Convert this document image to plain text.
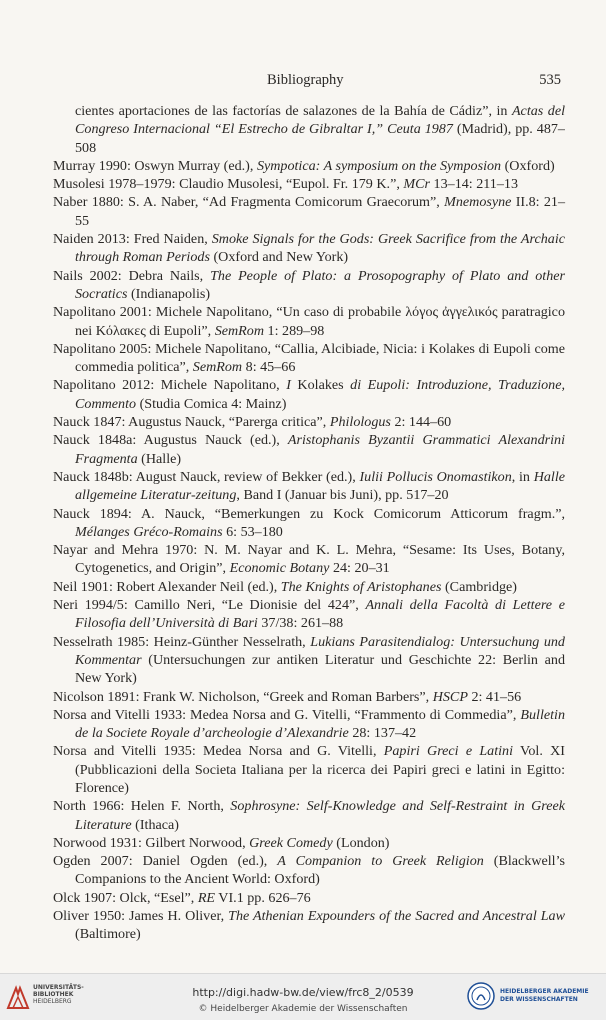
Bibliography	535

cientes aportaciones de las factorías de salazones de la Bahía de Cádiz”, in Actas del Congreso Internacional “El Estrecho de Gibraltar I,” Ceuta 1987 (Madrid), pp. 487–508

Murray 1990: Oswyn Murray (ed.), Sympotica: A symposium on the Symposion (Oxford)

Musolesi 1978–1979: Claudio Musolesi, “Eupol. Fr. 179 K.”, MCr 13–14: 211–13

Naber 1880: S. A. Naber, “Ad Fragmenta Comicorum Graecorum”, Mnemosyne II.8: 21–55

Naiden 2013: Fred Naiden, Smoke Signals for the Gods: Greek Sacrifice from the Archaic through Roman Periods (Oxford and New York)

Nails 2002: Debra Nails, The People of Plato: a Prosopography of Plato and other Socratics (Indianapolis)

Napolitano 2001: Michele Napolitano, “Un caso di probabile λόγος ἀγγελικός paratragico nei Κόλακες di Eupoli”, SemRom 1: 289–98

Napolitano 2005: Michele Napolitano, “Callia, Alcibiade, Nicia: i Kolakes di Eupoli come commedia politica”, SemRom 8: 45–66

Napolitano 2012: Michele Napolitano, I Kolakes di Eupoli: Introduzione, Traduzione, Commento (Studia Comica 4: Mainz)

Nauck 1847: Augustus Nauck, “Parerga critica”, Philologus 2: 144–60

Nauck 1848a: Augustus Nauck (ed.), Aristophanis Byzantii Grammatici Alexandrini Fragmenta (Halle)

Nauck 1848b: August Nauck, review of Bekker (ed.), Iulii Pollucis Onomastikon, in Halle allgemeine Literatur-zeitung, Band I (Januar bis Juni), pp. 517–20

Nauck 1894: A. Nauck, “Bemerkungen zu Kock Comicorum Atticorum fragm.”, Mélanges Gréco-Romains 6: 53–180

Nayar and Mehra 1970: N. M. Nayar and K. L. Mehra, “Sesame: Its Uses, Botany, Cytogenetics, and Origin”, Economic Botany 24: 20–31

Neil 1901: Robert Alexander Neil (ed.), The Knights of Aristophanes (Cambridge)

Neri 1994/5: Camillo Neri, “Le Dionisie del 424”, Annali della Facoltà di Lettere e Filosofia dell’Università di Bari 37/38: 261–88

Nesselrath 1985: Heinz-Günther Nesselrath, Lukians Parasitendialog: Untersuchung und Kommentar (Untersuchungen zur antiken Literatur und Geschichte 22: Berlin and New York)

Nicolson 1891: Frank W. Nicholson, “Greek and Roman Barbers”, HSCP 2: 41–56

Norsa and Vitelli 1933: Medea Norsa and G. Vitelli, “Frammento di Commedia”, Bulletin de la Societe Royale d’archeologie d’Alexandrie 28: 137–42

Norsa and Vitelli 1935: Medea Norsa and G. Vitelli, Papiri Greci e Latini Vol. XI (Pubblicazioni della Societa Italiana per la ricerca dei Papiri greci e latini in Egitto: Florence)

North 1966: Helen F. North, Sophrosyne: Self-Knowledge and Self-Restraint in Greek Literature (Ithaca)

Norwood 1931: Gilbert Norwood, Greek Comedy (London)

Ogden 2007: Daniel Ogden (ed.), A Companion to Greek Religion (Blackwell’s Companions to the Ancient World: Oxford)

Olck 1907: Olck, “Esel”, RE VI.1 pp. 626–76

Oliver 1950: James H. Oliver, The Athenian Expounders of the Sacred and Ancestral Law (Baltimore)

UNIVERSITÄTS-
BIBLIOTHEK
HEIDELBERG
http://digi.hadw-bw.de/view/frc8_2/0539
© Heidelberger Akademie der Wissenschaften
HEIDELBERGER AKADEMIE
DER WISSENSCHAFTEN
